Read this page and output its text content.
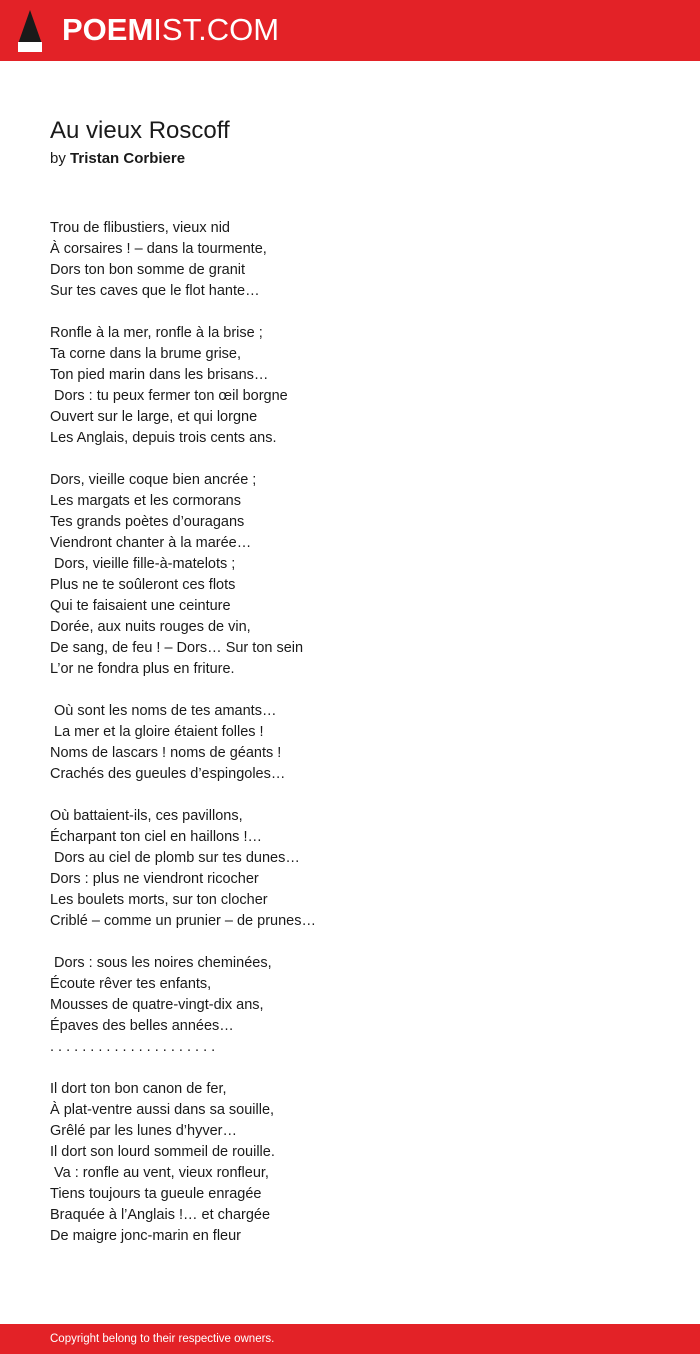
POEMIST.COM
Au vieux Roscoff
by Tristan Corbiere
Trou de flibustiers, vieux nid
À corsaires ! – dans la tourmente,
Dors ton bon somme de granit
Sur tes caves que le flot hante…

Ronfle à la mer, ronfle à la brise ;
Ta corne dans la brume grise,
Ton pied marin dans les brisans…
Dors : tu peux fermer ton œil borgne
Ouvert sur le large, et qui lorgne
Les Anglais, depuis trois cents ans.

Dors, vieille coque bien ancrée ;
Les margats et les cormorans
Tes grands poètes d’ouragans
Viendront chanter à la marée…
Dors, vieille fille-à-matelots ;
Plus ne te soûleront ces flots
Qui te faisaient une ceinture
Dorée, aux nuits rouges de vin,
De sang, de feu ! – Dors… Sur ton sein
L’or ne fondra plus en friture.

Où sont les noms de tes amants…
La mer et la gloire étaient folles !
Noms de lascars ! noms de géants !
Crachés des gueules d’espingoles…

Où battaient-ils, ces pavillons,
Écharpant ton ciel en haillons !…
Dors au ciel de plomb sur tes dunes…
Dors : plus ne viendront ricocher
Les boulets morts, sur ton clocher
Criblé – comme un prunier – de prunes…

Dors : sous les noires cheminées,
Écoute rêver tes enfants,
Mousses de quatre-vingt-dix ans,
Épaves des belles années…
. . . . . . . . . . . . . . . . . . . . .

Il dort ton bon canon de fer,
À plat-ventre aussi dans sa souille,
Grêlé par les lunes d’hyver…
Il dort son lourd sommeil de rouille.
Va : ronfle au vent, vieux ronfleur,
Tiens toujours ta gueule enragée
Braquée à l’Anglais !… et chargée
De maigre jonc-marin en fleur
Copyright belong to their respective owners.
